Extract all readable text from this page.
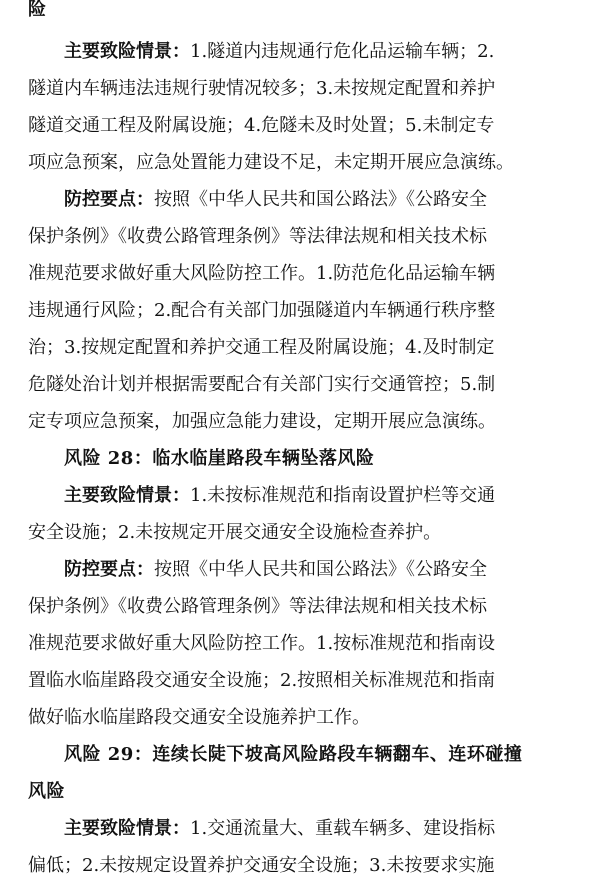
险
主要致险情景：1.隧道内违规通行危化品运输车辆；2.
隧道内车辆违法违规行驶情况较多；3.未按规定配置和养护
隧道交通工程及附属设施；4.危隧未及时处置；5.未制定专
项应急预案，应急处置能力建设不足，未定期开展应急演练。
防控要点：按照《中华人民共和国公路法》《公路安全
保护条例》《收费公路管理条例》等法律法规和相关技术标
准规范要求做好重大风险防控工作。1.防范危化品运输车辆
违规通行风险；2.配合有关部门加强隧道内车辆通行秩序整
治；3.按规定配置和养护交通工程及附属设施；4.及时制定
危隧处治计划并根据需要配合有关部门实行交通管控；5.制
定专项应急预案，加强应急能力建设，定期开展应急演练。
风险 28：临水临崖路段车辆坠落风险
主要致险情景：1.未按标准规范和指南设置护栏等交通
安全设施；2.未按规定开展交通安全设施检查养护。
防控要点：按照《中华人民共和国公路法》《公路安全
保护条例》《收费公路管理条例》等法律法规和相关技术标
准规范要求做好重大风险防控工作。1.按标准规范和指南设
置临水临崖路段交通安全设施；2.按照相关标准规范和指南
做好临水临崖路段交通安全设施养护工作。
风险 29：连续长陡下坡高风险路段车辆翻车、连环碰撞
风险
主要致险情景：1.交通流量大、重载车辆多、建设指标
偏低；2.未按规定设置养护交通安全设施；3.未按要求实施
